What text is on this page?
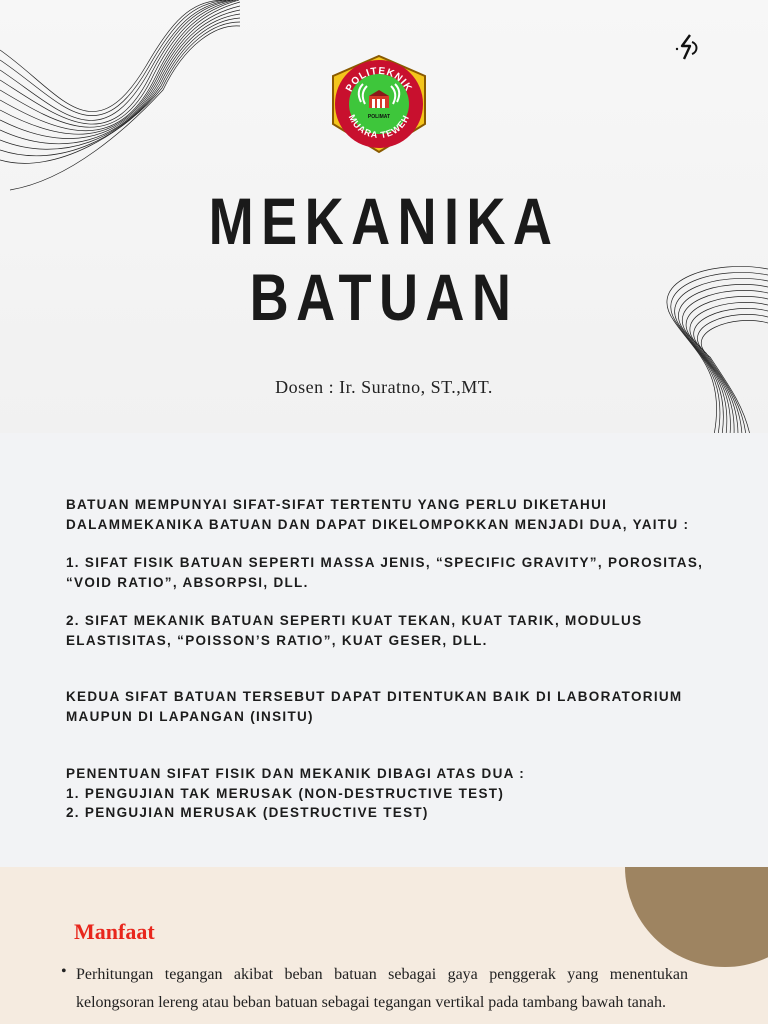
POLITEKNIK
MUARA TEWEH
POLIMAT
MEKANIKA
BATUAN
Dosen : Ir. Suratno, ST.,MT.

BATUAN MEMPUNYAI SIFAT-SIFAT TERTENTU YANG PERLU DIKETAHUI DALAMMEKANIKA BATUAN DAN DAPAT DIKELOMPOKKAN MENJADI DUA, YAITU :

1. SIFAT FISIK BATUAN SEPERTI MASSA JENIS, “SPECIFIC GRAVITY”, POROSITAS, “VOID RATIO”, ABSORPSI, DLL.

2. SIFAT MEKANIK BATUAN SEPERTI KUAT TEKAN, KUAT TARIK, MODULUS ELASTISITAS, “POISSON’S RATIO”, KUAT GESER, DLL.

KEDUA SIFAT BATUAN TERSEBUT DAPAT DITENTUKAN BAIK DI LABORATORIUM MAUPUN DI LAPANGAN (INSITU)

PENENTUAN SIFAT FISIK DAN MEKANIK DIBAGI ATAS DUA :
1. PENGUJIAN TAK MERUSAK (NON-DESTRUCTIVE TEST)
2. PENGUJIAN MERUSAK (DESTRUCTIVE TEST)

Manfaat
• Perhitungan tegangan akibat beban batuan sebagai gaya penggerak yang menentukan kelongsoran lereng atau beban batuan sebagai tegangan vertikal pada tambang bawah tanah.
